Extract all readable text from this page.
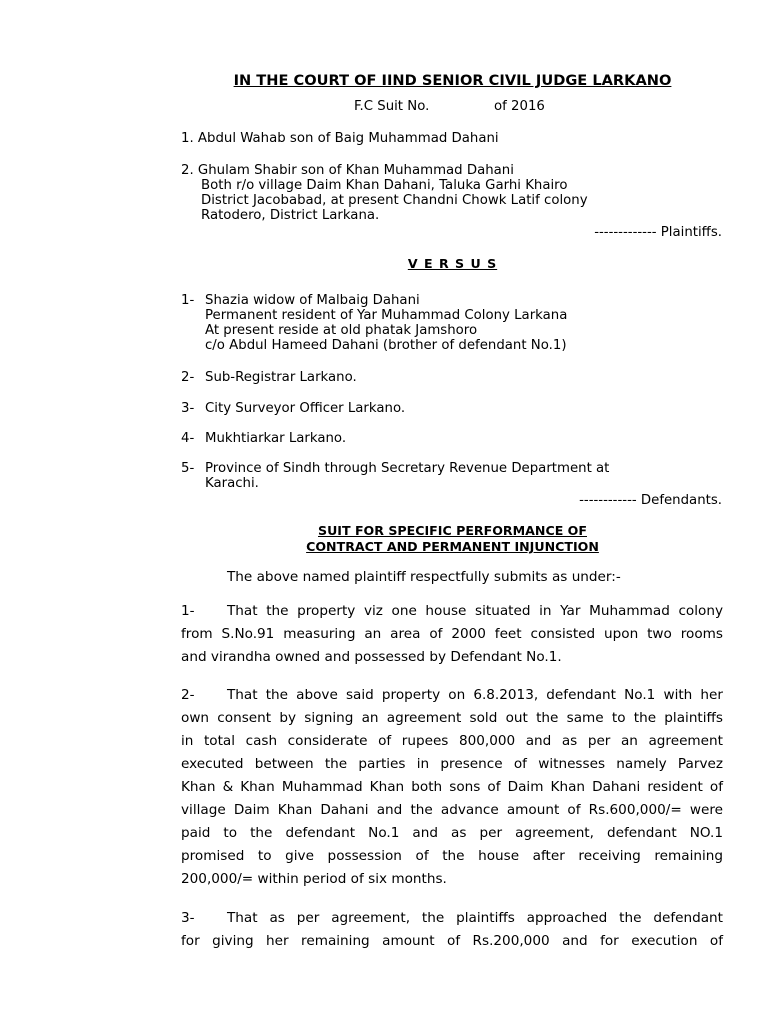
IN THE COURT OF IIND SENIOR CIVIL JUDGE LARKANO
F.C Suit No.	of 2016
1. Abdul Wahab son of Baig Muhammad Dahani
2. Ghulam Shabir son of Khan Muhammad Dahani
Both r/o village Daim Khan Dahani, Taluka Garhi Khairo
District Jacobabad, at present Chandni Chowk Latif colony
Ratodero, District Larkana.
------------- Plaintiffs.
V E R S U S
1- Shazia widow of Malbaig Dahani
Permanent resident of Yar Muhammad Colony Larkana
At present reside at old phatak Jamshoro
c/o Abdul Hameed Dahani (brother of defendant No.1)
2- Sub-Registrar Larkano.
3- City Surveyor Officer Larkano.
4- Mukhtiarkar Larkano.
5- Province of Sindh through Secretary Revenue Department at
Karachi.
------------ Defendants.
SUIT FOR SPECIFIC PERFORMANCE OF
CONTRACT AND PERMANENT INJUNCTION
The above named plaintiff respectfully submits as under:-
1- That the property viz one house situated in Yar Muhammad colony
from S.No.91 measuring an area of 2000 feet consisted upon two rooms
and virandha owned and possessed by Defendant No.1.
2- That the above said property on 6.8.2013, defendant No.1 with her
own consent by signing an agreement sold out the same to the plaintiffs
in total cash considerate of rupees 800,000 and as per an agreement
executed between the parties in presence of witnesses namely Parvez
Khan & Khan Muhammad Khan both sons of Daim Khan Dahani resident of
village Daim Khan Dahani and the advance amount of Rs.600,000/= were
paid to the defendant No.1 and as per agreement, defendant NO.1
promised to give possession of the house after receiving remaining
200,000/= within period of six months.
3- That as per agreement, the plaintiffs approached the defendant
for giving her remaining amount of Rs.200,000 and for execution of
